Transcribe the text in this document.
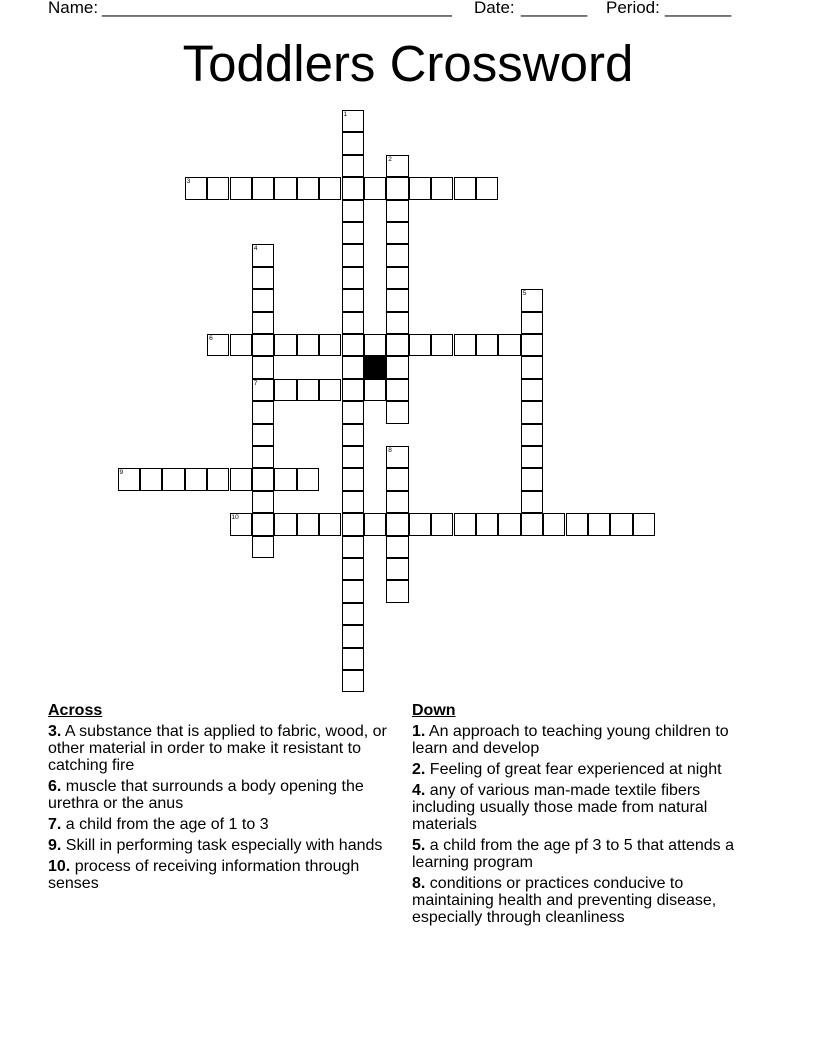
Name: _____________________________________ Date: _______ Period: _______
Toddlers Crossword
1
2
3
4
5
6
7
8
9
10
Across
3. A substance that is applied to fabric, wood, or other material in order to make it resistant to catching fire
6. muscle that surrounds a body opening the urethra or the anus
7. a child from the age of 1 to 3
9. Skill in performing task especially with hands
10. process of receiving information through senses
Down
1. An approach to teaching young children to learn and develop
2. Feeling of great fear experienced at night
4. any of various man-made textile fibers including usually those made from natural materials
5. a child from the age pf 3 to 5 that attends a learning program
8. conditions or practices conducive to maintaining health and preventing disease, especially through cleanliness
